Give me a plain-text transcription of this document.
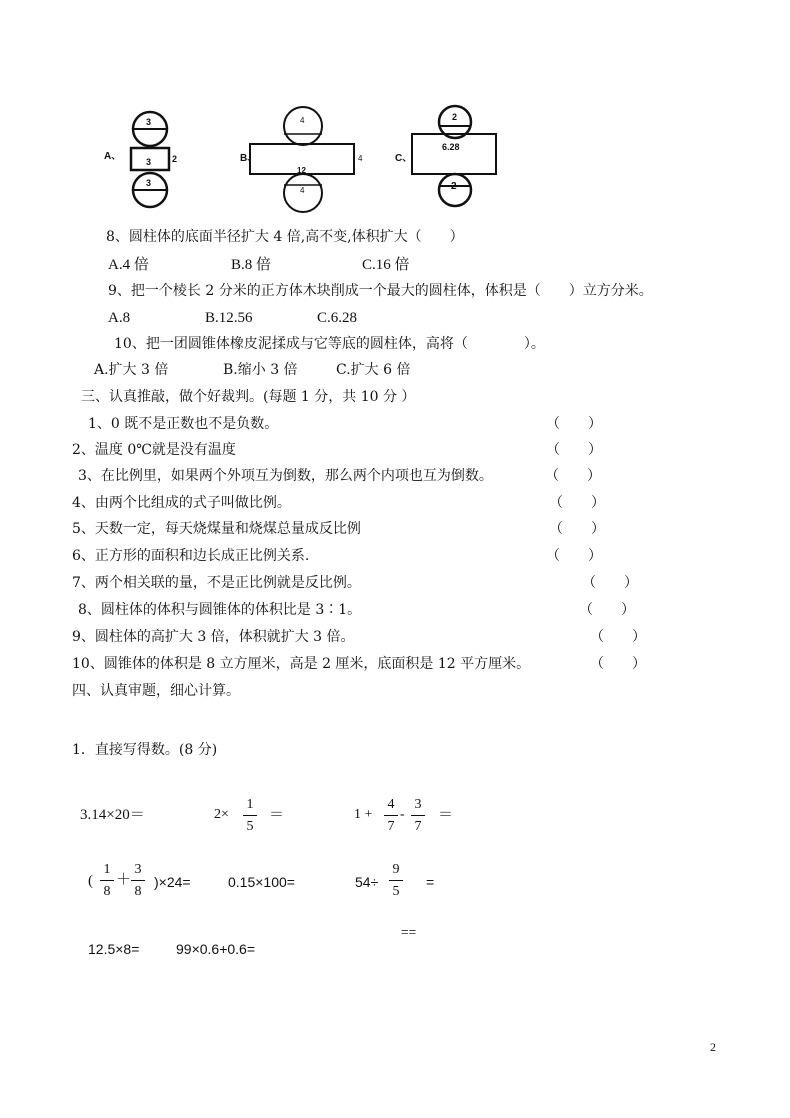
A、
3
3 2
3
B、
4
12
4
4
C、
2
6.28
2
8、圆柱体的底面半径扩大 4 倍,高不变,体积扩大（　　）
A.4 倍	B.8 倍	C.16 倍
9、把一个棱长 2 分米的正方体木块削成一个最大的圆柱体，体积是（　　）立方分米。
A.8	B.12.56	C.6.28
10、把一团圆锥体橡皮泥揉成与它等底的圆柱体，高将（　　　　）。
A.扩大 3 倍	B.缩小 3 倍	C.扩大 6 倍
三、认真推敲，做个好裁判。(每题 1 分，共 10 分 ）
1、0 既不是正数也不是负数。	（　　）
2、温度 0℃就是没有温度	（　　）
3、在比例里，如果两个外项互为倒数，那么两个内项也互为倒数。	（　　）
4、由两个比组成的式子叫做比例。	（　　）
5、天数一定，每天烧煤量和烧煤总量成反比例	（　　）
6、正方形的面积和边长成正比例关系.	（　　）
7、两个相关联的量，不是正比例就是反比例。	（　　）
8、圆柱体的体积与圆锥体的体积比是 3∶1。	（　　）
9、圆柱体的高扩大 3 倍，体积就扩大 3 倍。	（　　）
10、圆锥体的体积是 8 立方厘米，高是 2 厘米，底面积是 12 平方厘米。	（　　）
四、认真审题，细心计算。
1．直接写得数。(8 分)
3.14×20＝	2×
1
5
＝	1 +
4
7
-
3
7
＝
(
1
8
＋
3
8
)×24=	0.15×100=	54÷
9
5
=
==
12.5×8=	99×0.6+0.6=
2
